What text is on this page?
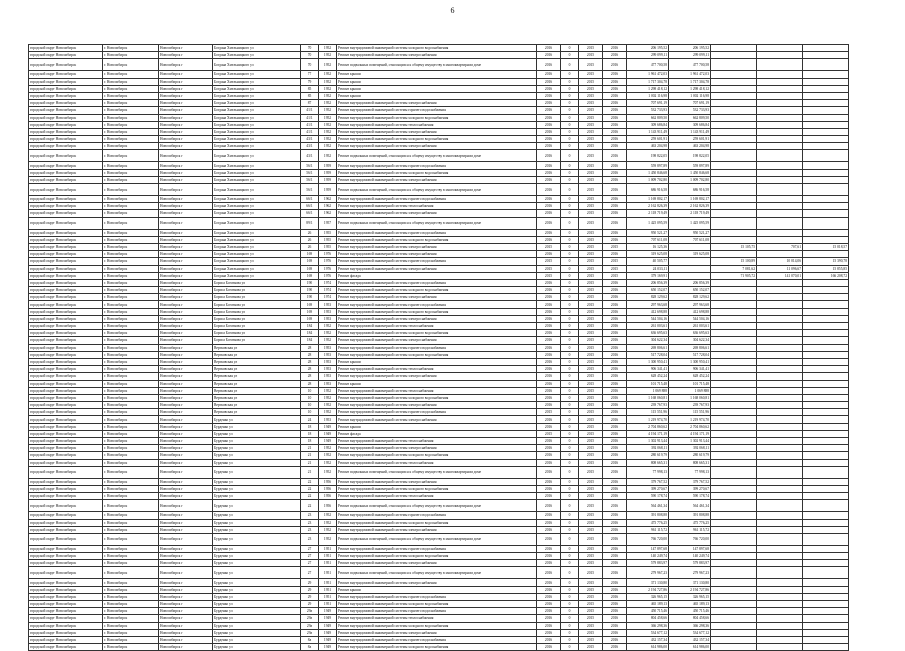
6
городской округ Новосибирск	г. Новосибирск	Новосибирск г	Богдана Хмельницкого ул	70	1952	Ремонт внутридомовой инженерной системы холодного водоснабжения	2016	0	2015	2016	206 195,52	206 195,52			
городской округ Новосибирск	г. Новосибирск	Новосибирск г	Богдана Хмельницкого ул	70	1952	Ремонт внутридомовой инженерной системы электроснабжения	2016	0	2015	2016	299 099,11	299 099,11			
городской округ Новосибирск	г. Новосибирск	Новосибирск г	Богдана Хмельницкого ул	70	1952	Ремонт подвальных помещений, относящихся к общему имуществу в многоквартирном доме	2016	0	2015	2016	477 700,58	477 700,58			
городской округ Новосибирск	г. Новосибирск	Новосибирск г	Богдана Хмельницкого ул	77	1952	Ремонт крыши	2016	0	2015	2016	1 961 472,03	1 961 472,03			
городской округ Новосибирск	г. Новосибирск	Новосибирск г	Богдана Хмельницкого ул	79	1952	Ремонт крыши	2016	0	2015	2016	1 717 304,78	1 717 304,78			
городской округ Новосибирск	г. Новосибирск	Новосибирск г	Богдана Хмельницкого ул	85	1952	Ремонт крыши	2016	0	2015	2016	1 298 418,12	1 298 418,12			
городской округ Новосибирск	г. Новосибирск	Новосибирск г	Богдана Хмельницкого ул	85	1952	Ремонт крыши	2016	0	2015	2016	1 002 116,98	1 002 116,98			
городской округ Новосибирск	г. Новосибирск	Новосибирск г	Богдана Хмельницкого ул	87	1952	Ремонт внутридомовой инженерной системы электроснабжения	2016	0	2015	2016	707 691,19	707 691,19			
городской округ Новосибирск	г. Новосибирск	Новосибирск г	Богдана Хмельницкого ул	41/1	1952	Ремонт внутридомовой инженерной системы горячего водоснабжения	2016	0	2015	2016	532 733,93	532 733,93			
городской округ Новосибирск	г. Новосибирск	Новосибирск г	Богдана Хмельницкого ул	41/1	1952	Ремонт внутридомовой инженерной системы холодного водоснабжения	2016	0	2015	2016	662 809,50	662 809,50			
городской округ Новосибирск	г. Новосибирск	Новосибирск г	Богдана Хмельницкого ул	41/1	1952	Ремонт внутридомовой инженерной системы теплоснабжения	2016	0	2015	2016	309 686,84	309 686,84			
городской округ Новосибирск	г. Новосибирск	Новосибирск г	Богдана Хмельницкого ул	41/1	1952	Ремонт внутридомовой инженерной системы электроснабжения	2016	0	2015	2016	1 143 911,49	1 143 911,49			
городской округ Новосибирск	г. Новосибирск	Новосибирск г	Богдана Хмельницкого ул	43/1	1952	Ремонт внутридомовой инженерной системы холодного водоснабжения	2016	0	2015	2016	259 601,91	259 601,91			
городской округ Новосибирск	г. Новосибирск	Новосибирск г	Богдана Хмельницкого ул	43/1	1952	Ремонт внутридомовой инженерной системы электроснабжения	2016	0	2015	2016	463 204,98	463 204,98			
городской округ Новосибирск	г. Новосибирск	Новосибирск г	Богдана Хмельницкого ул	43/1	1952	Ремонт подвальных помещений, относящихся к общему имуществу в многоквартирном доме	2016	0	2015	2016	198 822,05	198 822,05			
городской округ Новосибирск	г. Новосибирск	Новосибирск г	Богдана Хмельницкого ул	56/1	1959	Ремонт внутридомовой инженерной системы горячего водоснабжения	2016	0	2015	2016	559 897,89	559 897,89			
городской округ Новосибирск	г. Новосибирск	Новосибирск г	Богдана Хмельницкого ул	56/1	1959	Ремонт внутридомовой инженерной системы холодного водоснабжения	2016	0	2015	2016	1 450 846,68	1 450 846,68			
городской округ Новосибирск	г. Новосибирск	Новосибирск г	Богдана Хмельницкого ул	56/1	1959	Ремонт внутридомовой инженерной системы электроснабжения	2016	0	2015	2016	1 009 702,80	1 009 702,80			
городской округ Новосибирск	г. Новосибирск	Новосибирск г	Богдана Хмельницкого ул	56/1	1959	Ремонт подвальных помещений, относящихся к общему имуществу в многоквартирном доме	2016	0	2015	2016	686 916,58	686 916,58			
городской округ Новосибирск	г. Новосибирск	Новосибирск г	Богдана Хмельницкого ул	66/1	1962	Ремонт внутридомовой инженерной системы горячего водоснабжения	2016	0	2015	2016	1 169 802,17	1 169 802,17			
городской округ Новосибирск	г. Новосибирск	Новосибирск г	Богдана Хмельницкого ул	66/1	1962	Ремонт внутридомовой инженерной системы теплоснабжения	2016	0	2015	2016	2 162 826,39	2 162 826,39			
городской округ Новосибирск	г. Новосибирск	Новосибирск г	Богдана Хмельницкого ул	66/1	1962	Ремонт внутридомовой инженерной системы электроснабжения	2016	0	2015	2016	2 118 719,49	2 118 719,49			
городской округ Новосибирск	г. Новосибирск	Новосибирск г	Богдана Хмельницкого ул	89/1	1957	Ремонт подвальных помещений, относящихся к общему имуществу в многоквартирном доме	2016	0	2015	2016	1 425 095,59	1 425 095,59			
городской округ Новосибирск	г. Новосибирск	Новосибирск г	Богдана Хмельницкого ул	26	1955	Ремонт внутридомовой инженерной системы горячего водоснабжения	2016	0	2015	2016	950 521,27	950 521,27			
городской округ Новосибирск	г. Новосибирск	Новосибирск г	Богдана Хмельницкого ул	26	1955	Ремонт внутридомовой инженерной системы холодного водоснабжения	2016	0	2015	2016	707 611,08	707 611,08			
городской округ Новосибирск	г. Новосибирск	Новосибирск г	Богдана Хмельницкого ул	26	1955	Ремонт внутридомовой инженерной системы электроснабжения	2015	0	2015	2015	16 125,36		15 105,75	707,61	15 018,57
городской округ Новосибирск	г. Новосибирск	Новосибирск г	Богдана Хмельницкого ул	169	1976	Ремонт внутридомовой инженерной системы электроснабжения	2016	0	2015	2016	319 625,08	319 625,08			
городской округ Новосибирск	г. Новосибирск	Новосибирск г	Богдана Хмельницкого ул	169	1976	Ремонт внутридомовой инженерной системы горячего водоснабжения	2015	0	2015	2015	40 505,77		15 100,89	10 014,06	15 390,78
городской округ Новосибирск	г. Новосибирск	Новосибирск г	Богдана Хмельницкого ул	169	1976	Ремонт внутридомовой инженерной системы электроснабжения	2015	0	2015	2015	24 033,11		7 081,62	11 096,67	15 855,85
городской округ Новосибирск	г. Новосибирск	Новосибирск г	Богдана Хмельницкого ул	169	1976	Ремонт фасада	2015	0	2015	2015	379 169,91		71 905,72	141 070,01	166 208,72
городской округ Новосибирск	г. Новосибирск	Новосибирск г	Бориса Богаткова ул	190	1974	Ремонт внутридомовой инженерной системы горячего водоснабжения	2016	0	2015	2016	206 856,39	206 856,39			
городской округ Новосибирск	г. Новосибирск	Новосибирск г	Бориса Богаткова ул	190	1974	Ремонт внутридомовой инженерной системы холодного водоснабжения	2016	0	2015	2016	650 152,07	650 152,07			
городской округ Новосибирск	г. Новосибирск	Новосибирск г	Бориса Богаткова ул	190	1974	Ремонт внутридомовой инженерной системы электроснабжения	2016	0	2015	2016	828 129,62	828 129,62			
городской округ Новосибирск	г. Новосибирск	Новосибирск г	Бориса Богаткова ул	169	1953	Ремонт внутридомовой инженерной системы горячего водоснабжения	2016	0	2015	2016	297 963,68	297 963,68			
городской округ Новосибирск	г. Новосибирск	Новосибирск г	Бориса Богаткова ул	169	1953	Ремонт внутридомовой инженерной системы холодного водоснабжения	2016	0	2015	2016	412 698,88	412 698,88			
городской округ Новосибирск	г. Новосибирск	Новосибирск г	Бориса Богаткова ул	169	1953	Ремонт внутридомовой инженерной системы электроснабжения	2016	0	2015	2016	544 504,16	544 504,16			
городской округ Новосибирск	г. Новосибирск	Новосибирск г	Бориса Богаткова ул	184	1952	Ремонт внутридомовой инженерной системы теплоснабжения	2016	0	2015	2016	261 003,61	261 003,61			
городской округ Новосибирск	г. Новосибирск	Новосибирск г	Бориса Богаткова ул	184	1952	Ремонт внутридомовой инженерной системы холодного водоснабжения	2016	0	2015	2016	636 695,63	636 695,63			
городской округ Новосибирск	г. Новосибирск	Новосибирск г	Бориса Богаткова ул	184	1952	Ремонт внутридомовой инженерной системы электроснабжения	2016	0	2015	2016	304 622,34	304 622,34			
городской округ Новосибирск	г. Новосибирск	Новосибирск г	Вертковская ул	28	1953	Ремонт внутридомовой инженерной системы горячего водоснабжения	2016	0	2015	2016	269 806,61	269 806,61			
городской округ Новосибирск	г. Новосибирск	Новосибирск г	Вертковская ул	28	1953	Ремонт внутридомовой инженерной системы холодного водоснабжения	2016	0	2015	2016	517 728,04	517 728,04			
городской округ Новосибирск	г. Новосибирск	Новосибирск г	Вертковская ул	28	1953	Ремонт крыши	2016	0	2015	2016	1 300 950,41	1 300 950,41			
городской округ Новосибирск	г. Новосибирск	Новосибирск г	Вертковская ул	28	1953	Ремонт внутридомовой инженерной системы теплоснабжения	2016	0	2015	2016	906 341,41	906 341,41			
городской округ Новосибирск	г. Новосибирск	Новосибирск г	Вертковская ул	28	1953	Ремонт внутридомовой инженерной системы электроснабжения	2016	0	2015	2016	628 452,24	628 452,24			
городской округ Новосибирск	г. Новосибирск	Новосибирск г	Вертковская ул	28	1953	Ремонт крыши	2016	0	2015	2016	101 715,48	101 715,48			
городской округ Новосибирск	г. Новосибирск	Новосибирск г	Вертковская ул	10	1952	Ремонт внутридомовой инженерной системы теплоснабжения	2016	0	2015	2016	1 069 888	1 069 888			
городской округ Новосибирск	г. Новосибирск	Новосибирск г	Вертковская ул	10	1952	Ремонт внутридомовой инженерной системы холодного водоснабжения	2016	0	2015	2016	1 168 060,81	1 168 060,81			
городской округ Новосибирск	г. Новосибирск	Новосибирск г	Вертковская ул	10	1952	Ремонт внутридомовой инженерной системы электроснабжения	2016	0	2015	2016	239 767,93	239 767,93			
городской округ Новосибирск	г. Новосибирск	Новосибирск г	Вертковская ул	10	1952	Ремонт внутридомовой инженерной системы горячего водоснабжения	2015	0	2015	2016	115 551,96	115 551,96			
городской округ Новосибирск	г. Новосибирск	Новосибирск г	Бурденко ул	24	1953	Ремонт внутридомовой инженерной системы электроснабжения	2016	0	2015	2016	1 219 974,70	1 219 974,70			
городской округ Новосибирск	г. Новосибирск	Новосибирск г	Бурденко ул	18	1949	Ремонт крыши	2016	0	2015	2016	2 704 860,62	2 704 860,62			
городской округ Новосибирск	г. Новосибирск	Новосибирск г	Бурденко ул	18	1949	Ремонт фасада	2015	0	2015	2016	4 194 171,19	4 194 171,19			
городской округ Новосибирск	г. Новосибирск	Новосибирск г	Бурденко ул	18	1949	Ремонт внутридомовой инженерной системы теплоснабжения	2016	0	2015	2016	1 302 913,44	1 302 913,44			
городской округ Новосибирск	г. Новосибирск	Новосибирск г	Бурденко ул	21	1952	Ремонт внутридомовой инженерной системы электроснабжения	2016	0	2015	2016	392 068,11	392 068,11			
городской округ Новосибирск	г. Новосибирск	Новосибирск г	Бурденко ул	21	1952	Ремонт внутридомовой инженерной системы холодного водоснабжения	2016	0	2015	2016	280 619,79	280 619,79			
городской округ Новосибирск	г. Новосибирск	Новосибирск г	Бурденко ул	21	1952	Ремонт внутридомовой инженерной системы теплоснабжения	2016	0	2015	2016	808 665,31	808 665,31			
городской округ Новосибирск	г. Новосибирск	Новосибирск г	Бурденко ул	21	1952	Ремонт подвальных помещений, относящихся к общему имуществу в многоквартирном доме	2016	0	2015	2016	77 998,13	77 998,13			
городской округ Новосибирск	г. Новосибирск	Новосибирск г	Бурденко ул	22	1956	Ремонт внутридомовой инженерной системы электроснабжения	2016	0	2015	2016	379 767,52	379 767,52			
городской округ Новосибирск	г. Новосибирск	Новосибирск г	Бурденко ул	22	1956	Ремонт внутридомовой инженерной системы холодного водоснабжения	2016	0	2015	2016	399 270,67	399 270,67			
городской округ Новосибирск	г. Новосибирск	Новосибирск г	Бурденко ул	22	1956	Ремонт внутридомовой инженерной системы теплоснабжения	2016	0	2015	2016	590 178,74	590 178,74			
городской округ Новосибирск	г. Новосибирск	Новосибирск г	Бурденко ул	22	1956	Ремонт подвальных помещений, относящихся к общему имуществу в многоквартирном доме	2016	0	2015	2016	564 461,34	564 461,34			
городской округ Новосибирск	г. Новосибирск	Новосибирск г	Бурденко ул	23	1952	Ремонт внутридомовой инженерной системы горячего водоснабжения	2016	0	2015	2016	391 808,88	391 808,88			
городской округ Новосибирск	г. Новосибирск	Новосибирск г	Бурденко ул	23	1952	Ремонт внутридомовой инженерной системы холодного водоснабжения	2016	0	2015	2016	475 776,25	475 776,25			
городской округ Новосибирск	г. Новосибирск	Новосибирск г	Бурденко ул	23	1952	Ремонт внутридомовой инженерной системы электроснабжения	2016	0	2015	2016	961 115,72	961 115,72			
городской округ Новосибирск	г. Новосибирск	Новосибирск г	Бурденко ул	23	1952	Ремонт подвальных помещений, относящихся к общему имуществу в многоквартирном доме	2016	0	2015	2016	766 720,00	766 720,00			
городской округ Новосибирск	г. Новосибирск	Новосибирск г	Бурденко ул	27	1951	Ремонт внутридомовой инженерной системы горячего водоснабжения	2016	0	2015	2016	147 897,68	147 897,68			
городской округ Новосибирск	г. Новосибирск	Новосибирск г	Бурденко ул	27	1951	Ремонт внутридомовой инженерной системы холодного водоснабжения	2016	0	2015	2016	140 249,74	140 249,74			
городской округ Новосибирск	г. Новосибирск	Новосибирск г	Бурденко ул	27	1951	Ремонт внутридомовой инженерной системы электроснабжения	2016	0	2015	2016	579 883,97	579 883,97			
городской округ Новосибирск	г. Новосибирск	Новосибирск г	Бурденко ул	27	1951	Ремонт подвальных помещений, относящихся к общему имуществу в многоквартирном доме	2016	0	2015	2016	279 967,23	279 967,23			
городской округ Новосибирск	г. Новосибирск	Новосибирск г	Бурденко ул	29	1951	Ремонт внутридомовой инженерной системы электроснабжения	2016	0	2015	2016	371 130,80	371 130,80			
городской округ Новосибирск	г. Новосибирск	Новосибирск г	Бурденко ул	29	1951	Ремонт крыши	2016	0	2015	2016	2 194 727,86	2 194 727,86			
городской округ Новосибирск	г. Новосибирск	Новосибирск г	Бурденко ул	29	1951	Ремонт внутридомовой инженерной системы горячего водоснабжения	2016	0	2015	2016	326 965,15	326 965,15			
городской округ Новосибирск	г. Новосибирск	Новосибирск г	Бурденко ул	29	1951	Ремонт внутридомовой инженерной системы холодного водоснабжения	2016	0	2015	2016	465 189,13	465 189,13			
городской округ Новосибирск	г. Новосибирск	Новосибирск г	Бурденко ул	29а	1949	Ремонт внутридомовой инженерной системы горячего водоснабжения	2016	0	2015	2016	450 715,46	450 715,46			
городской округ Новосибирск	г. Новосибирск	Новосибирск г	Бурденко ул	29а	1949	Ремонт внутридомовой инженерной системы теплоснабжения	2016	0	2015	2016	804 458,66	804 458,66			
городской округ Новосибирск	г. Новосибирск	Новосибирск г	Бурденко ул	29а	1949	Ремонт внутридомовой инженерной системы холодного водоснабжения	2016	0	2015	2016	366 298,36	366 298,36			
городской округ Новосибирск	г. Новосибирск	Новосибирск г	Бурденко ул	29а	1949	Ремонт внутридомовой инженерной системы электроснабжения	2016	0	2015	2016	534 677,12	534 677,12			
городской округ Новосибирск	г. Новосибирск	Новосибирск г	Бурденко ул	8а	1949	Ремонт внутридомовой инженерной системы горячего водоснабжения	2016	0	2015	2016	432 157,34	432 157,34			
городской округ Новосибирск	г. Новосибирск	Новосибирск г	Бурденко ул	8а	1949	Ремонт внутридомовой инженерной системы холодного водоснабжения	2016	0	2015	2016	614 986,00	614 986,00			
